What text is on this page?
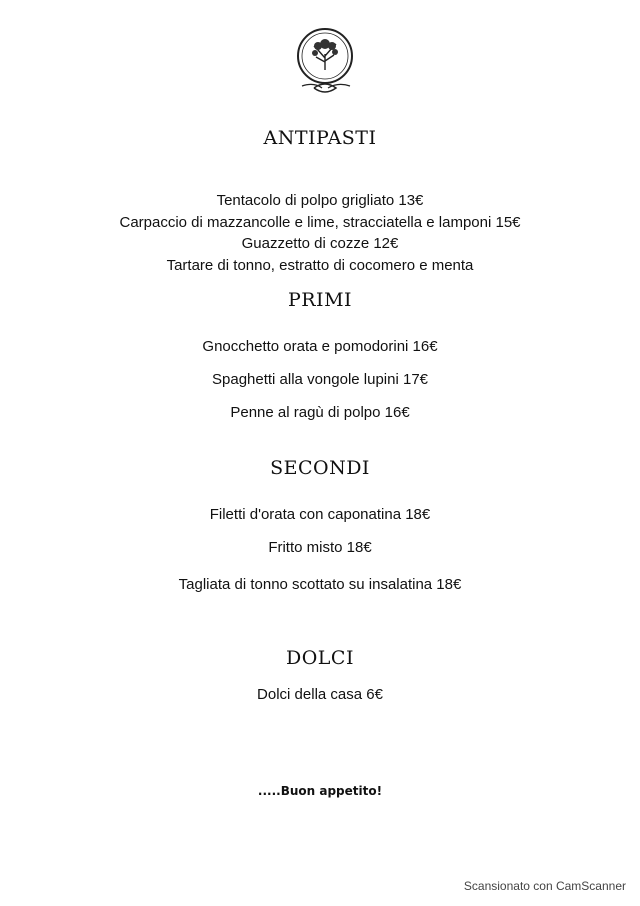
ANTIPASTI
Tentacolo di polpo grigliato 13€
Carpaccio di mazzancolle e lime, stracciatella e lamponi 15€
Guazzetto di cozze 12€
Tartare di tonno, estratto di cocomero e menta
PRIMI
Gnocchetto orata e pomodorini 16€
Spaghetti alla vongole lupini 17€
Penne al ragù di polpo 16€
SECONDI
Filetti d'orata con caponatina 18€
Fritto misto 18€
Tagliata di tonno scottato su insalatina 18€
DOLCI
Dolci della casa 6€
.....Buon appetito!
Scansionato con CamScanner
